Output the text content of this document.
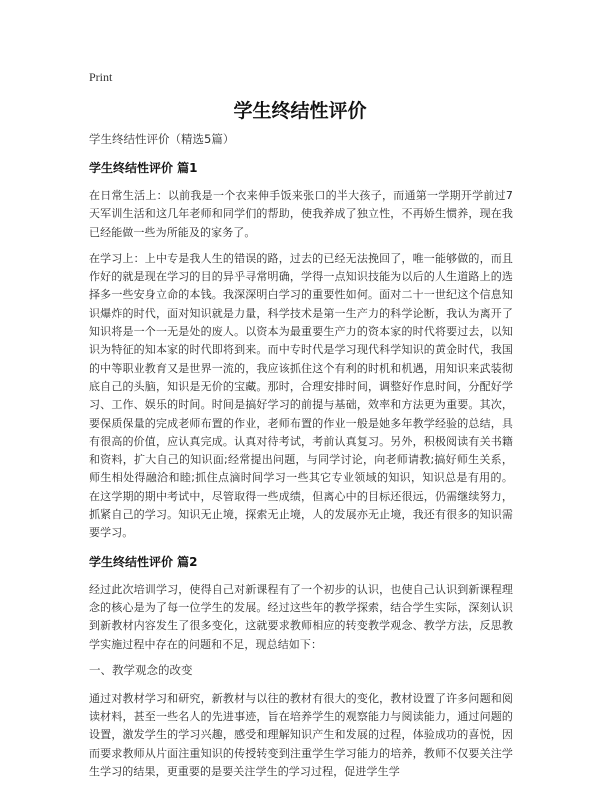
Print
学生终结性评价

学生终结性评价（精选5篇）

学生终结性评价 篇1

在日常生活上：以前我是一个衣来伸手饭来张口的半大孩子，而通第一学期开学前过7天军训生活和这几年老师和同学们的帮助，使我养成了独立性，不再娇生惯养，现在我已经能做一些为所能及的家务了。

在学习上：上中专是我人生的错误的路，过去的已经无法挽回了，唯一能够做的，而且作好的就是现在学习的目的异乎寻常明确，学得一点知识技能为以后的人生道路上的选择多一些安身立命的本钱。我深深明白学习的重要性如何。面对二十一世纪这个信息知识爆炸的时代，面对知识就是力量，科学技术是第一生产力的科学论断，我认为离开了知识将是一个一无是处的废人。以资本为最重要生产力的资本家的时代将要过去，以知识为特征的知本家的时代即将到来。而中专时代是学习现代科学知识的黄金时代，我国的中等职业教育又是世界一流的，我应该抓住这个有利的时机和机遇，用知识来武装彻底自己的头脑，知识是无价的宝藏。那时，合理安排时间，调整好作息时间，分配好学习、工作、娱乐的时间。时间是搞好学习的前提与基础，效率和方法更为重要。其次，要保质保量的完成老师布置的作业，老师布置的作业一般是她多年教学经验的总结，具有很高的价值，应认真完成。认真对待考试，考前认真复习。另外，积极阅读有关书籍和资料，扩大自己的知识面;经常提出问题，与同学讨论，向老师请教;搞好师生关系，师生相处得融洽和睦;抓住点滴时间学习一些其它专业领域的知识，知识总是有用的。在这学期的期中考试中，尽管取得一些成绩，但离心中的目标还很远，仍需继续努力，抓紧自己的学习。知识无止境，探索无止境，人的发展亦无止境，我还有很多的知识需要学习。

学生终结性评价 篇2

经过此次培训学习，使得自己对新课程有了一个初步的认识，也使自己认识到新课程理念的核心是为了每一位学生的发展。经过这些年的教学探索，结合学生实际，深刻认识到新教材内容发生了很多变化，这就要求教师相应的转变教学观念、教学方法，反思教学实施过程中存在的问题和不足，现总结如下：

一、教学观念的改变

通过对教材学习和研究，新教材与以往的教材有很大的变化，教材设置了许多问题和阅读材料，甚至一些名人的先进事迹，旨在培养学生的观察能力与阅读能力，通过问题的设置，激发学生的学习兴趣，感受和理解知识产生和发展的过程，体验成功的喜悦，因而要求教师从片面注重知识的传授转变到注重学生学习能力的培养，教师不仅要关注学生学习的结果，更重要的是要关注学生的学习过程，促进学生学
